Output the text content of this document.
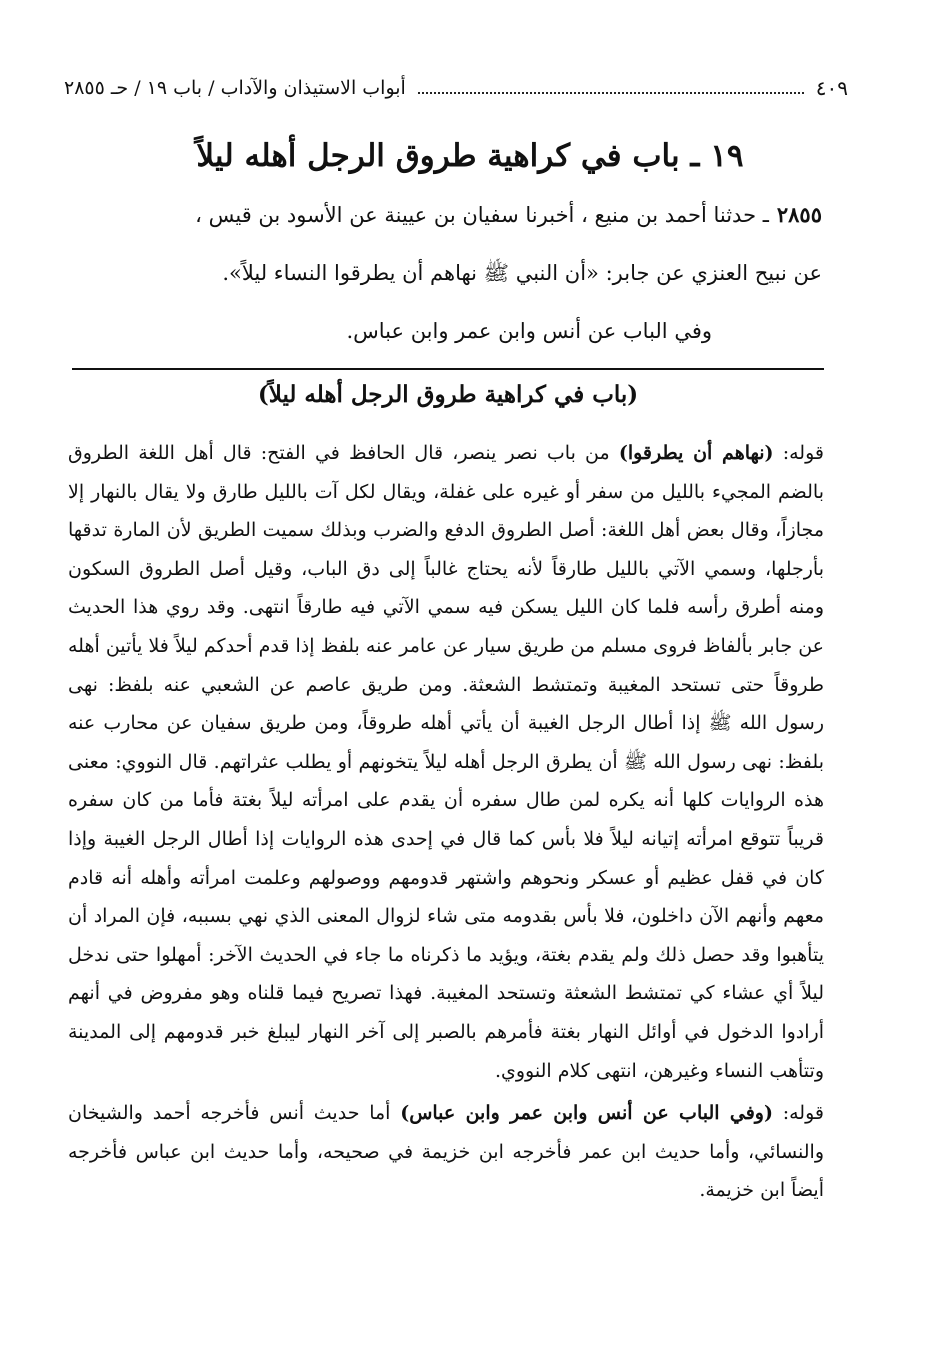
أبواب الاستيذان والآداب / باب ١٩ / حـ ٢٨٥٥	٤٠٩
١٩ ـ باب في كراهية طروق الرجل أهله ليلاً
٢٨٥٥ـ حدثنا أحمد بن منيع ، أخبرنا سفيان بن عيينة عن الأسود بن قيس ،
عن نبيح العنزي عن جابر: «أن النبي ﷺ نهاهم أن يطرقوا النساء ليلاً».
وفي الباب عن أنس وابن عمر وابن عباس.
(باب في كراهية طروق الرجل أهله ليلاً)

قوله: (نهاهم أن يطرقوا) من باب نصر ينصر، قال الحافظ في الفتح: قال أهل اللغة الطروق بالضم المجيء بالليل من سفر أو غيره على غفلة، ويقال لكل آت بالليل طارق ولا يقال بالنهار إلا مجازاً، وقال بعض أهل اللغة: أصل الطروق الدفع والضرب وبذلك سميت الطريق لأن المارة تدقها بأرجلها، وسمي الآتي بالليل طارقاً لأنه يحتاج غالباً إلى دق الباب، وقيل أصل الطروق السكون ومنه أطرق رأسه فلما كان الليل يسكن فيه سمي الآتي فيه طارقاً انتهى. وقد روي هذا الحديث عن جابر بألفاظ فروى مسلم من طريق سيار عن عامر عنه بلفظ إذا قدم أحدكم ليلاً فلا يأتين أهله طروقاً حتى تستحد المغيبة وتمتشط الشعثة. ومن طريق عاصم عن الشعبي عنه بلفظ: نهى رسول الله ﷺ إذا أطال الرجل الغيبة أن يأتي أهله طروقاً، ومن طريق سفيان عن محارب عنه بلفظ: نهى رسول الله ﷺ أن يطرق الرجل أهله ليلاً يتخونهم أو يطلب عثراتهم. قال النووي: معنى هذه الروايات كلها أنه يكره لمن طال سفره أن يقدم على امرأته ليلاً بغتة فأما من كان سفره قريباً تتوقع امرأته إتيانه ليلاً فلا بأس كما قال في إحدى هذه الروايات إذا أطال الرجل الغيبة وإذا كان في قفل عظيم أو عسكر ونحوهم واشتهر قدومهم ووصولهم وعلمت امرأته وأهله أنه قادم معهم وأنهم الآن داخلون، فلا بأس بقدومه متى شاء لزوال المعنى الذي نهي بسببه، فإن المراد أن يتأهبوا وقد حصل ذلك ولم يقدم بغتة، ويؤيد ما ذكرناه ما جاء في الحديث الآخر: أمهلوا حتى ندخل ليلاً أي عشاء كي تمتشط الشعثة وتستحد المغيبة. فهذا تصريح فيما قلناه وهو مفروض في أنهم أرادوا الدخول في أوائل النهار بغتة فأمرهم بالصبر إلى آخر النهار ليبلغ خبر قدومهم إلى المدينة وتتأهب النساء وغيرهن، انتهى كلام النووي.

قوله: (وفي الباب عن أنس وابن عمر وابن عباس) أما حديث أنس فأخرجه أحمد والشيخان والنسائي، وأما حديث ابن عمر فأخرجه ابن خزيمة في صحيحه، وأما حديث ابن عباس فأخرجه أيضاً ابن خزيمة.
